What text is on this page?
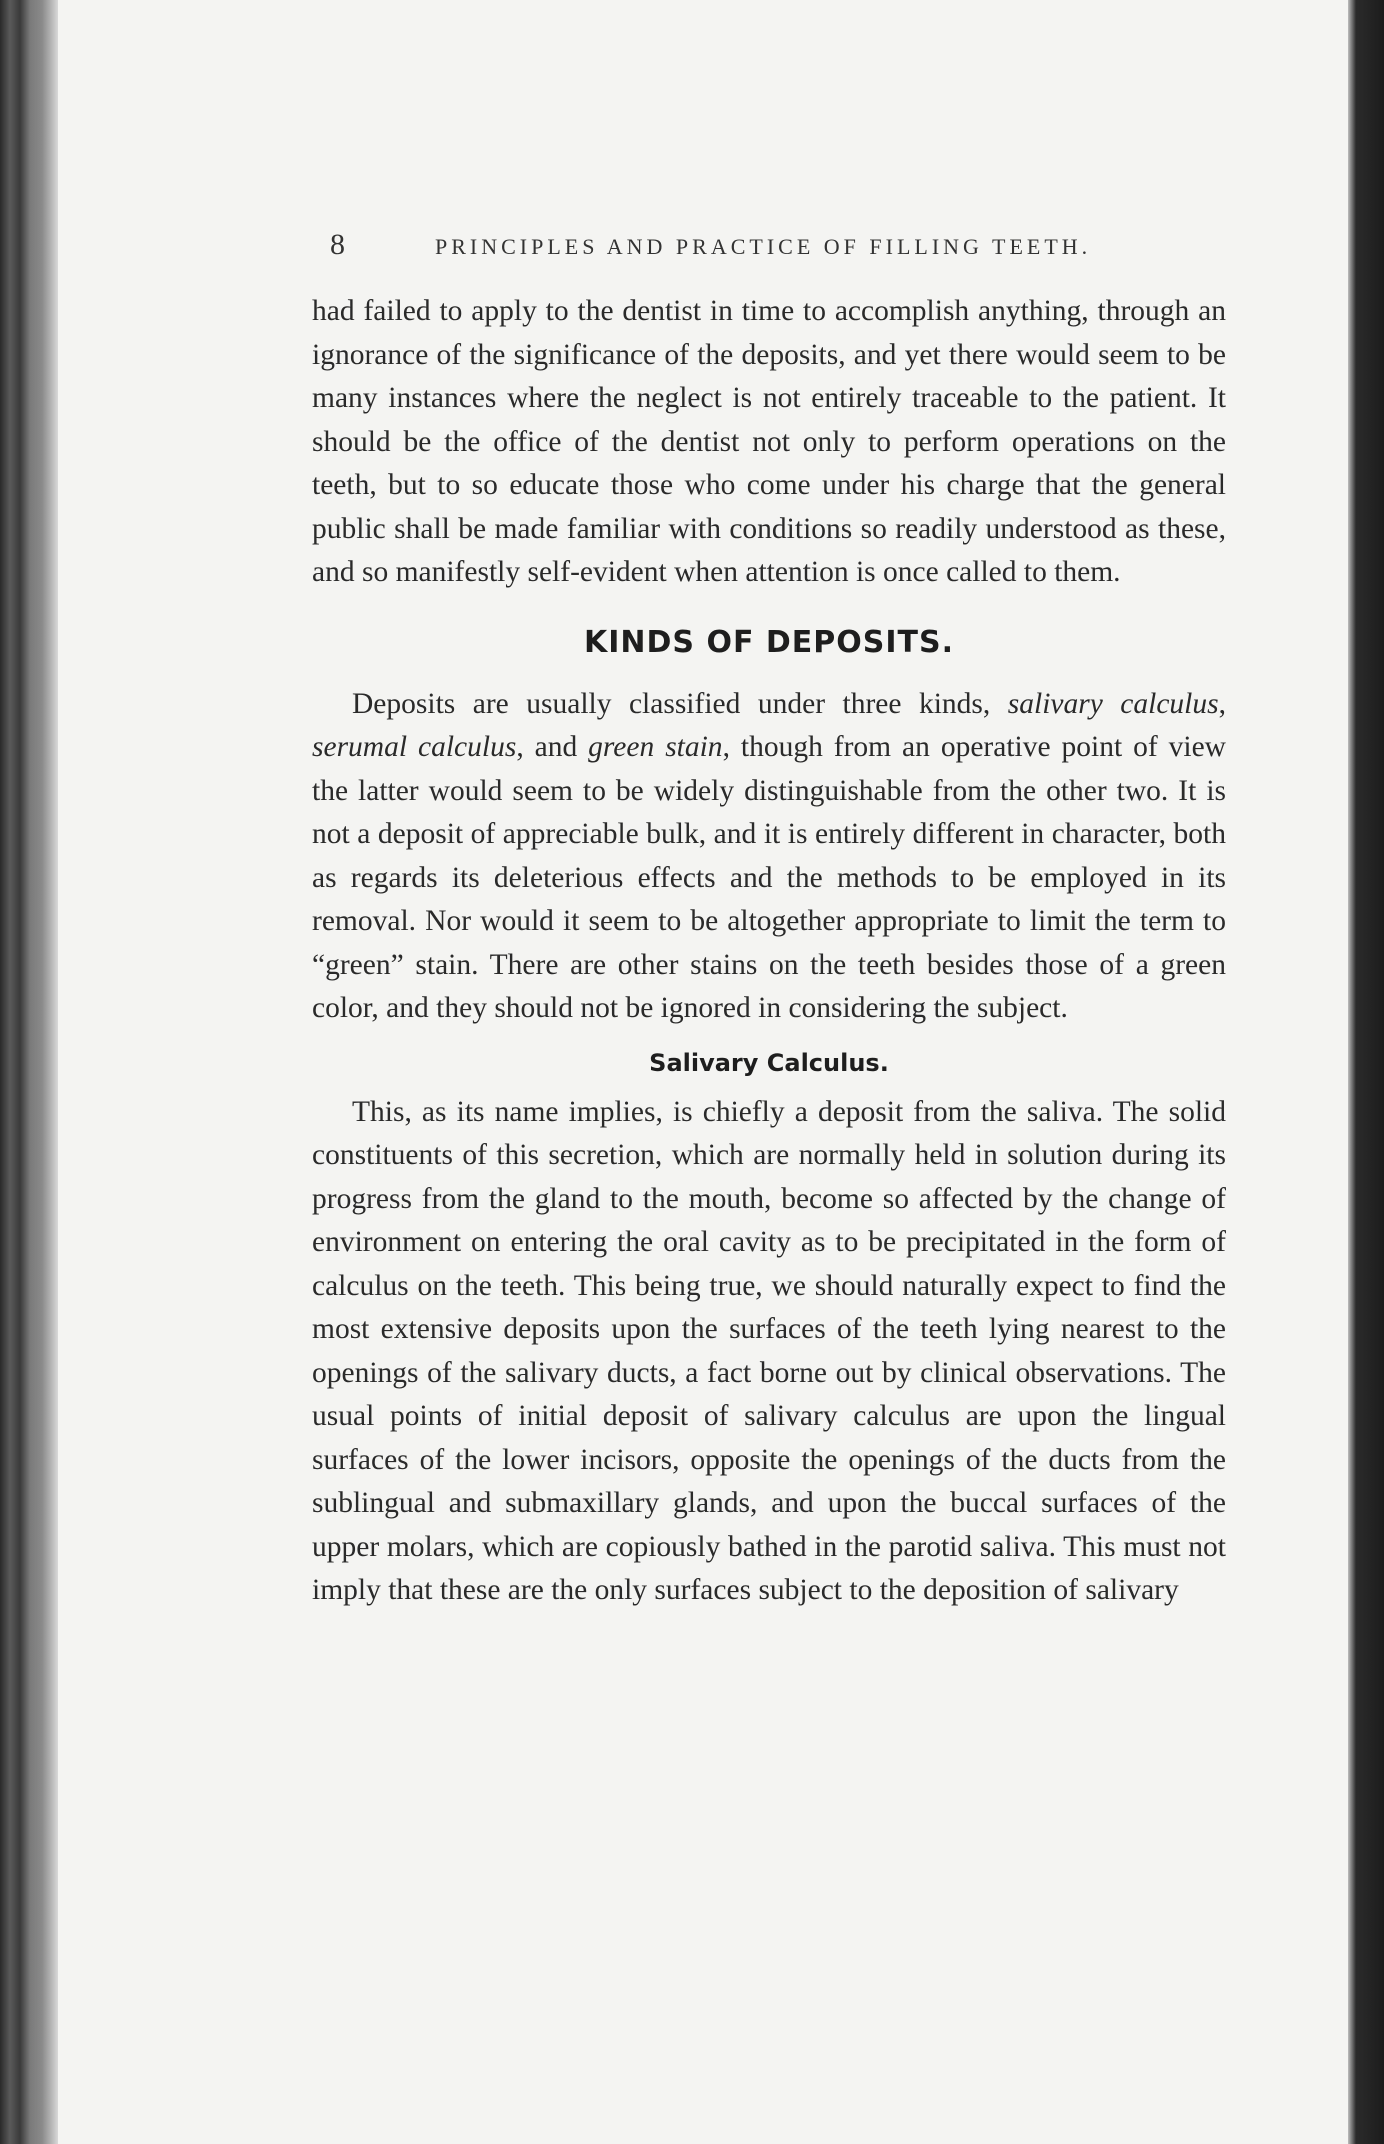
8	PRINCIPLES AND PRACTICE OF FILLING TEETH.

had failed to apply to the dentist in time to accomplish anything, through an ignorance of the significance of the deposits, and yet there would seem to be many instances where the neglect is not entirely traceable to the patient. It should be the office of the dentist not only to perform operations on the teeth, but to so educate those who come under his charge that the general public shall be made familiar with conditions so readily understood as these, and so manifestly self-evident when attention is once called to them.

KINDS OF DEPOSITS.

Deposits are usually classified under three kinds, salivary calculus, serumal calculus, and green stain, though from an operative point of view the latter would seem to be widely distinguishable from the other two. It is not a deposit of appreciable bulk, and it is entirely different in character, both as regards its deleterious effects and the methods to be employed in its removal. Nor would it seem to be altogether appropriate to limit the term to “green” stain. There are other stains on the teeth besides those of a green color, and they should not be ignored in considering the subject.

Salivary Calculus.

This, as its name implies, is chiefly a deposit from the saliva. The solid constituents of this secretion, which are normally held in solution during its progress from the gland to the mouth, become so affected by the change of environment on entering the oral cavity as to be precipitated in the form of calculus on the teeth. This being true, we should naturally expect to find the most extensive deposits upon the surfaces of the teeth lying nearest to the openings of the salivary ducts, a fact borne out by clinical observations. The usual points of initial deposit of salivary calculus are upon the lingual surfaces of the lower incisors, opposite the openings of the ducts from the sublingual and submaxillary glands, and upon the buccal surfaces of the upper molars, which are copiously bathed in the parotid saliva. This must not imply that these are the only surfaces subject to the deposition of salivary
